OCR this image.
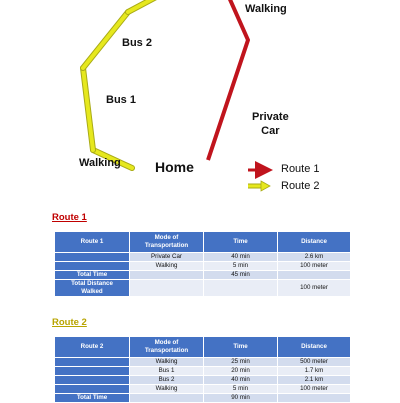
Walking
Bus 2
Bus 1
Walking Home
Private
Car
Route 1
Route 2
Route 1
Route 1	Mode of
Transportation	Time	Distance
	Private Car	40 min	2.6 km
	Walking	5 min	100 meter
Total Time		45 min	
Total Distance
Walked			100 meter
Route 2
Route 2	Mode of
Transportation	Time	Distance
	Walking	25 min	500 meter
	Bus 1	20 min	1.7 km
	Bus 2	40 min	2.1 km
	Walking	5 min	100 meter
Total Time		90 min	
